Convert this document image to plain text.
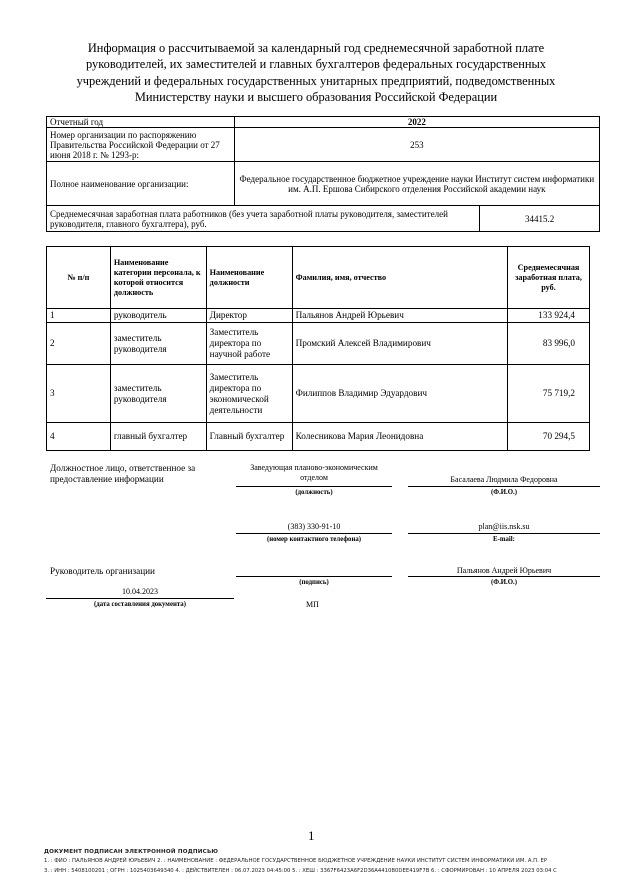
Информация о рассчитываемой за календарный год среднемесячной заработной плате руководителей, их заместителей и главных бухгалтеров федеральных государственных учреждений и федеральных государственных унитарных предприятий, подведомственных Министерству науки и высшего образования Российской Федерации
Отчетный год	2022	
Номер организации по распоряжению Правительства Российской Федерации от 27 июня 2018 г. № 1293-р:	253	
Полное наименование организации:	Федеральное государственное бюджетное учреждение науки Институт систем информатики им. А.П. Ершова Сибирского отделения Российской академии наук	
Среднемесячная заработная плата работников (без учета заработной платы руководителя, заместителей руководителя, главного бухгалтера), руб.		34415.2
№ п/п	Наименование категории персонала, к которой относится должность	Наименование должности	Фамилия, имя, отчество	Среднемесячная заработная плата, руб.
1	руководитель	Директор	Пальянов Андрей Юрьевич	133 924,4
2	заместитель руководителя	Заместитель директора по научной работе	Промский Алексей Владимирович	83 996,0
3	заместитель руководителя	Заместитель директора по экономической деятельности	Филиппов Владимир Эдуардович	75 719,2
4	главный бухгалтер	Главный бухгалтер	Колесникова Мария Леонидовна	70 294,5
Должностное лицо, ответственное за предоставление информации
Заведующая планово-экономическим отделом
(должность)
Басалаева Людмила Федоровна
(Ф.И.О.)
(383) 330-91-10
(номер контактного телефона)
plan@iis.nsk.su
E-mail:
Руководитель организации
(подпись)
Пальянов Андрей Юрьевич
(Ф.И.О.)
10.04.2023
(дата составления документа)	МП
1
ДОКУМЕНТ ПОДПИСАН ЭЛЕКТРОННОЙ ПОДПИСЬЮ
1. : ФИО : ПАЛЬЯНОВ АНДРЕЙ ЮРЬЕВИЧ 2. : НАИМЕНОВАНИЕ : ФЕДЕРАЛЬНОЕ ГОСУДАРСТВЕННОЕ БЮДЖЕТНОЕ УЧРЕЖДЕНИЕ НАУКИ ИНСТИТУТ СИСТЕМ ИНФОРМАТИКИ ИМ. А.П. ЕР
3. : ИНН : 5408100201 ; ОГРН : 1025403649340 4. : ДЕЙСТВИТЕЛЕН : 06.07.2023 04:45:00 5. : ХЕШ : 3367F6423A6F2D36A4410B0DEE419F7B 6. : СФОРМИРОВАН : 10 АПРЕЛЯ 2023 03:04 С
